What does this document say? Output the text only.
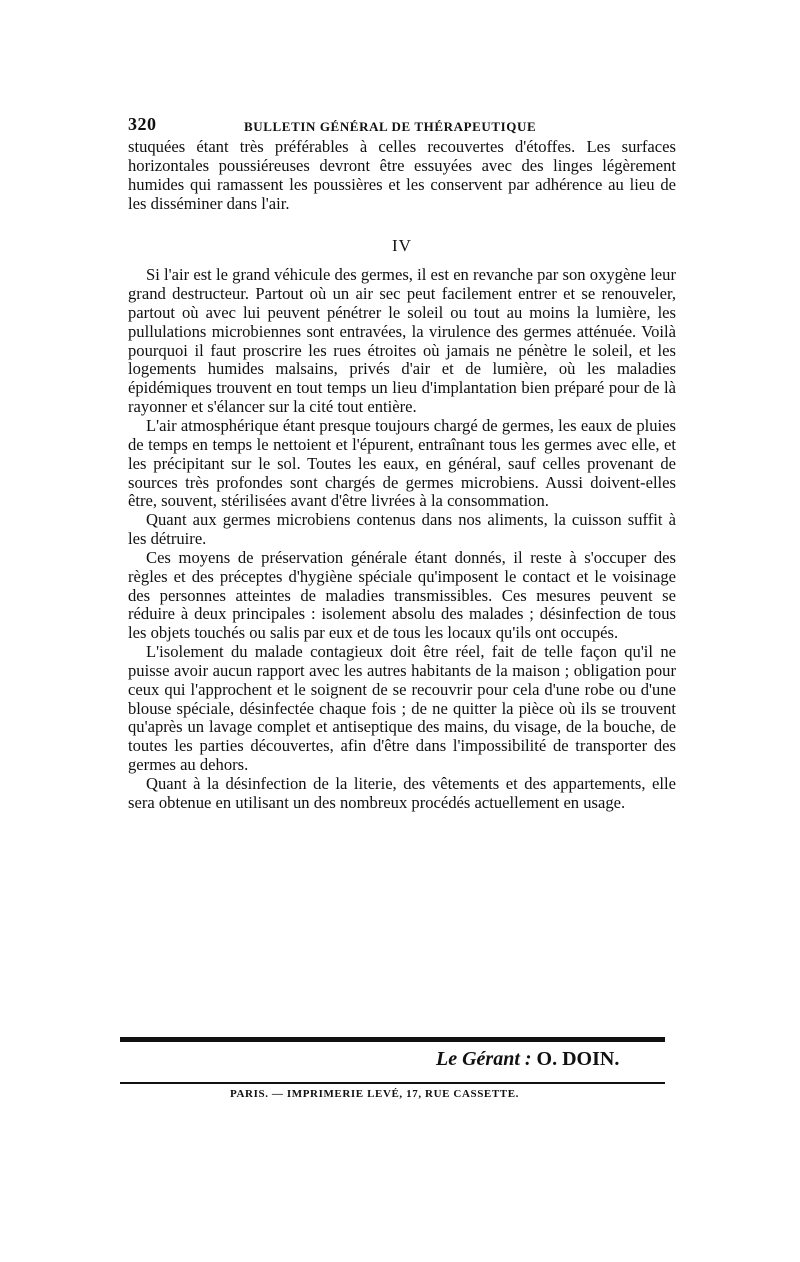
320	BULLETIN GÉNÉRAL DE THÉRAPEUTIQUE

stuquées étant très préférables à celles recouvertes d'étoffes. Les surfaces horizontales poussiéreuses devront être essuyées avec des linges légèrement humides qui ramassent les poussières et les conservent par adhérence au lieu de les disséminer dans l'air.

IV

Si l'air est le grand véhicule des germes, il est en revanche par son oxygène leur grand destructeur. Partout où un air sec peut facilement entrer et se renouveler, partout où avec lui peuvent pénétrer le soleil ou tout au moins la lumière, les pullulations microbiennes sont entravées, la virulence des germes atténuée. Voilà pourquoi il faut proscrire les rues étroites où jamais ne pénètre le soleil, et les logements humides malsains, privés d'air et de lumière, où les maladies épidémiques trouvent en tout temps un lieu d'implantation bien préparé pour de là rayonner et s'élancer sur la cité tout entière.

L'air atmosphérique étant presque toujours chargé de germes, les eaux de pluies de temps en temps le nettoient et l'épurent, entraînant tous les germes avec elle, et les précipitant sur le sol. Toutes les eaux, en général, sauf celles provenant de sources très profondes sont chargés de germes microbiens. Aussi doivent-elles être, souvent, stérilisées avant d'être livrées à la consommation.

Quant aux germes microbiens contenus dans nos aliments, la cuisson suffit à les détruire.

Ces moyens de préservation générale étant donnés, il reste à s'occuper des règles et des préceptes d'hygiène spéciale qu'imposent le contact et le voisinage des personnes atteintes de maladies transmissibles. Ces mesures peuvent se réduire à deux principales : isolement absolu des malades ; désinfection de tous les objets touchés ou salis par eux et de tous les locaux qu'ils ont occupés.

L'isolement du malade contagieux doit être réel, fait de telle façon qu'il ne puisse avoir aucun rapport avec les autres habitants de la maison ; obligation pour ceux qui l'approchent et le soignent de se recouvrir pour cela d'une robe ou d'une blouse spéciale, désinfectée chaque fois ; de ne quitter la pièce où ils se trouvent qu'après un lavage complet et antiseptique des mains, du visage, de la bouche, de toutes les parties découvertes, afin d'être dans l'impossibilité de transporter des germes au dehors.

Quant à la désinfection de la literie, des vêtements et des appartements, elle sera obtenue en utilisant un des nombreux procédés actuellement en usage.

Le Gérant : O. DOIN.
PARIS. — IMPRIMERIE LEVÉ, 17, RUE CASSETTE.
